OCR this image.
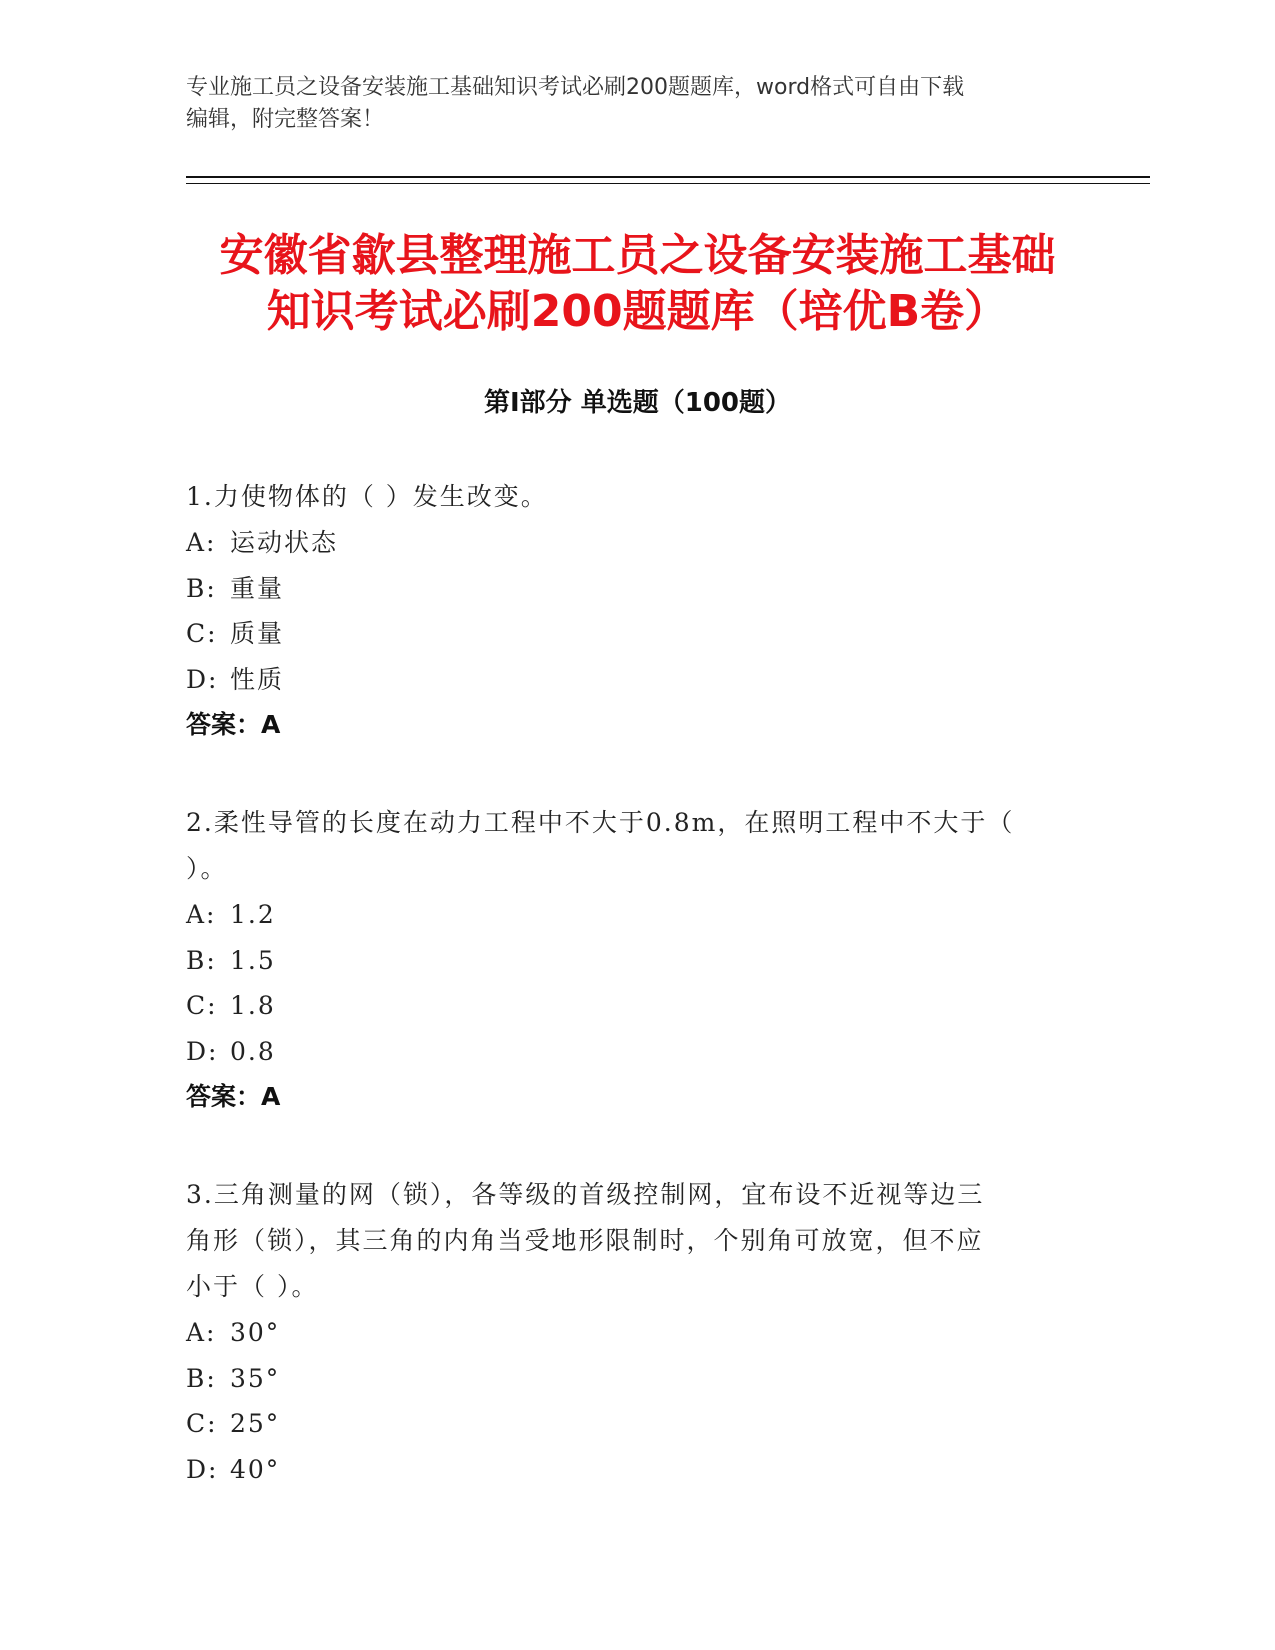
专业施工员之设备安装施工基础知识考试必刷200题题库，word格式可自由下载
编辑，附完整答案！
安徽省歙县整理施工员之设备安装施工基础
知识考试必刷200题题库（培优B卷）
第Ⅰ部分 单选题（100题）
1.力使物体的（ ）发生改变。
A: 运动状态
B: 重量
C: 质量
D: 性质
答案：A
2.柔性导管的长度在动力工程中不大于0.8m，在照明工程中不大于（
）。
A: 1.2
B: 1.5
C: 1.8
D: 0.8
答案：A
3.三角测量的网（锁），各等级的首级控制网，宜布设不近视等边三
角形（锁），其三角的内角当受地形限制时，个别角可放宽，但不应
小于（ ）。
A: 30°
B: 35°
C: 25°
D: 40°
